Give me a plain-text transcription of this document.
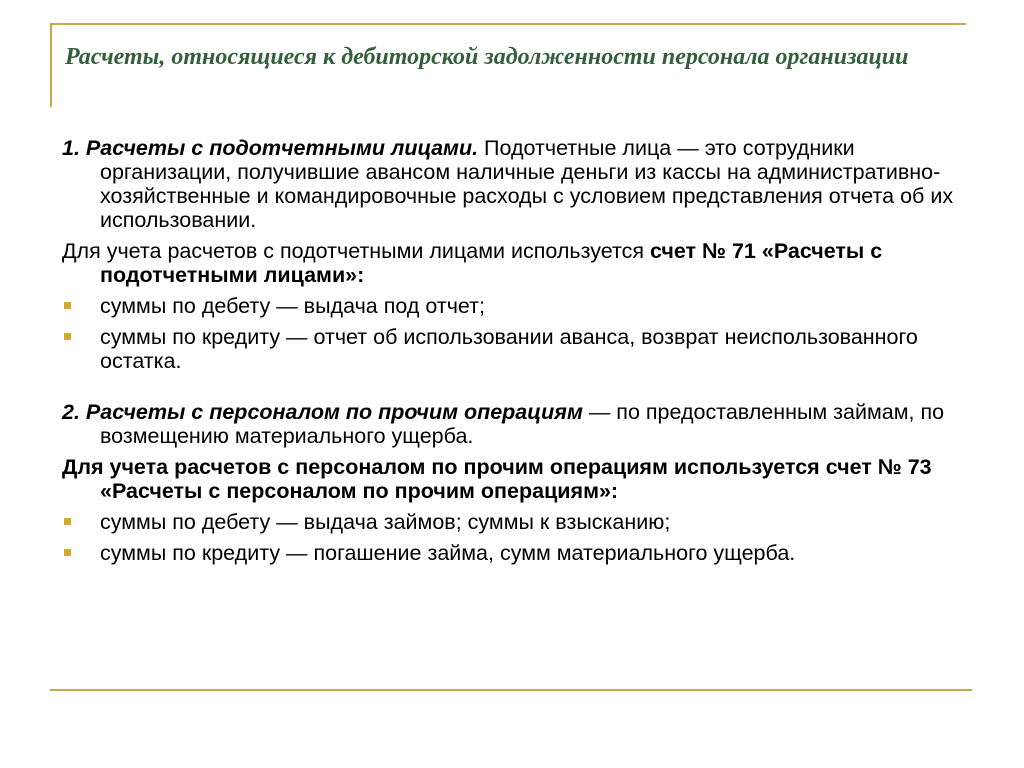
Расчеты, относящиеся к дебиторской задолженности персонала организации

1. Расчеты с подотчетными лицами. Подотчетные лица — это сотрудники организации, получившие авансом наличные деньги из кассы на административно-хозяйственные и командировочные расходы с условием представления отчета об их использовании.

Для учета расчетов с подотчетными лицами используется счет № 71 «Расчеты с подотчетными лицами»:

суммы по дебету — выдача под отчет;
суммы по кредиту — отчет об использовании аванса, возврат неиспользованного остатка.

2. Расчеты с персоналом по прочим операциям — по предоставленным займам, по возмещению материального ущерба.

Для учета расчетов с персоналом по прочим операциям используется счет № 73 «Расчеты с персоналом по прочим операциям»:

суммы по дебету — выдача займов; суммы к взысканию;
суммы по кредиту — погашение займа, сумм материального ущерба.
